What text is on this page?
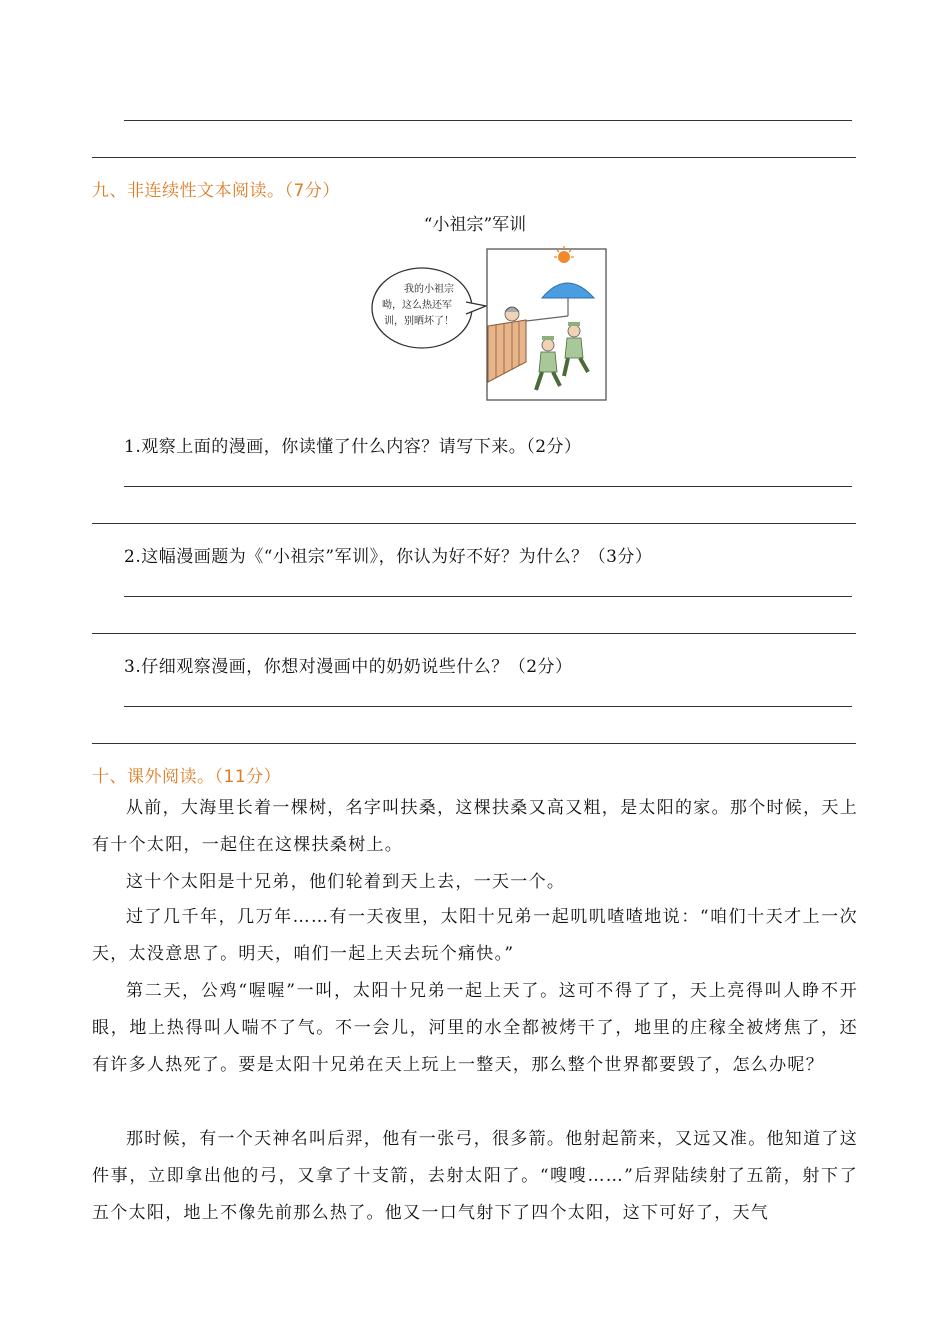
九、非连续性文本阅读。（7分）
“小祖宗”军训
我的小祖宗
呦，这么热还军
训，别晒坏了！
1.观察上面的漫画，你读懂了什么内容？请写下来。（2分）
2.这幅漫画题为《“小祖宗”军训》，你认为好不好？为什么？（3分）
3.仔细观察漫画，你想对漫画中的奶奶说些什么？（2分）
十、课外阅读。（11分）

从前，大海里长着一棵树，名字叫扶桑，这棵扶桑又高又粗，是太阳的家。那个时候，天上有十个太阳，一起住在这棵扶桑树上。

这十个太阳是十兄弟，他们轮着到天上去，一天一个。

过了几千年，几万年……有一天夜里，太阳十兄弟一起叽叽喳喳地说：“咱们十天才上一次天，太没意思了。明天，咱们一起上天去玩个痛快。”

第二天，公鸡“喔喔”一叫，太阳十兄弟一起上天了。这可不得了了，天上亮得叫人睁不开眼，地上热得叫人喘不了气。不一会儿，河里的水全都被烤干了，地里的庄稼全被烤焦了，还有许多人热死了。要是太阳十兄弟在天上玩上一整天，那么整个世界都要毁了，怎么办呢？

那时候，有一个天神名叫后羿，他有一张弓，很多箭。他射起箭来，又远又准。他知道了这件事，立即拿出他的弓，又拿了十支箭，去射太阳了。“嗖嗖……”后羿陆续射了五箭，射下了五个太阳，地上不像先前那么热了。他又一口气射下了四个太阳，这下可好了，天气
